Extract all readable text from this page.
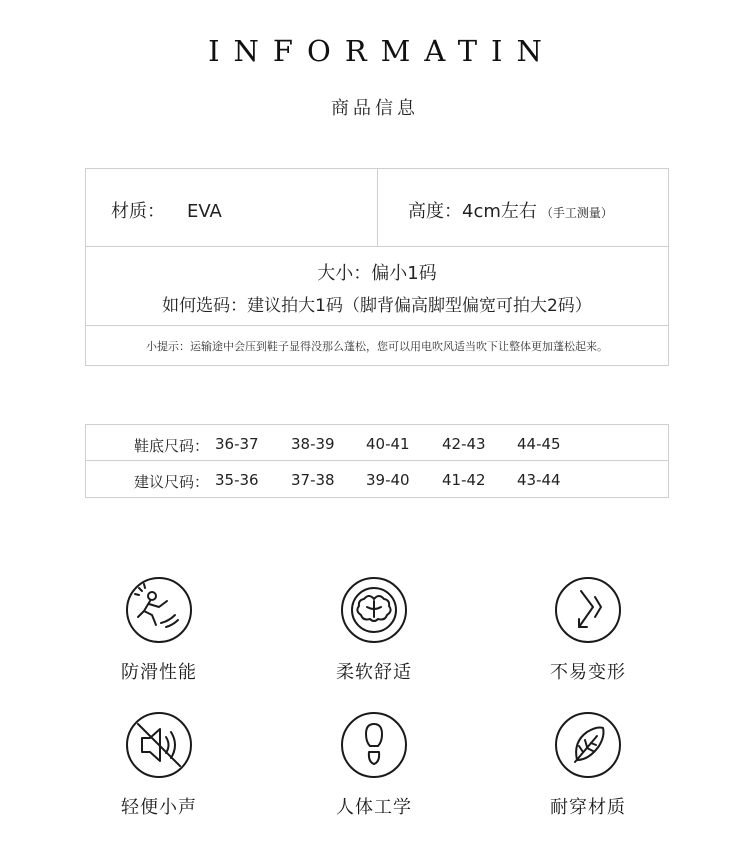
INFORMATIN
商品信息
材质： EVA	高度：4cm左右 （手工测量）
大小：偏小1码
如何选码：建议拍大1码（脚背偏高脚型偏宽可拍大2码）
小提示：运输途中会压到鞋子显得没那么蓬松，您可以用电吹风适当吹下让整体更加蓬松起来。
鞋底尺码： 36-37 38-39 40-41 42-43 44-45
建议尺码： 35-36 37-38 39-40 41-42 43-44
防滑性能	柔软舒适	不易变形
轻便小声	人体工学	耐穿材质
